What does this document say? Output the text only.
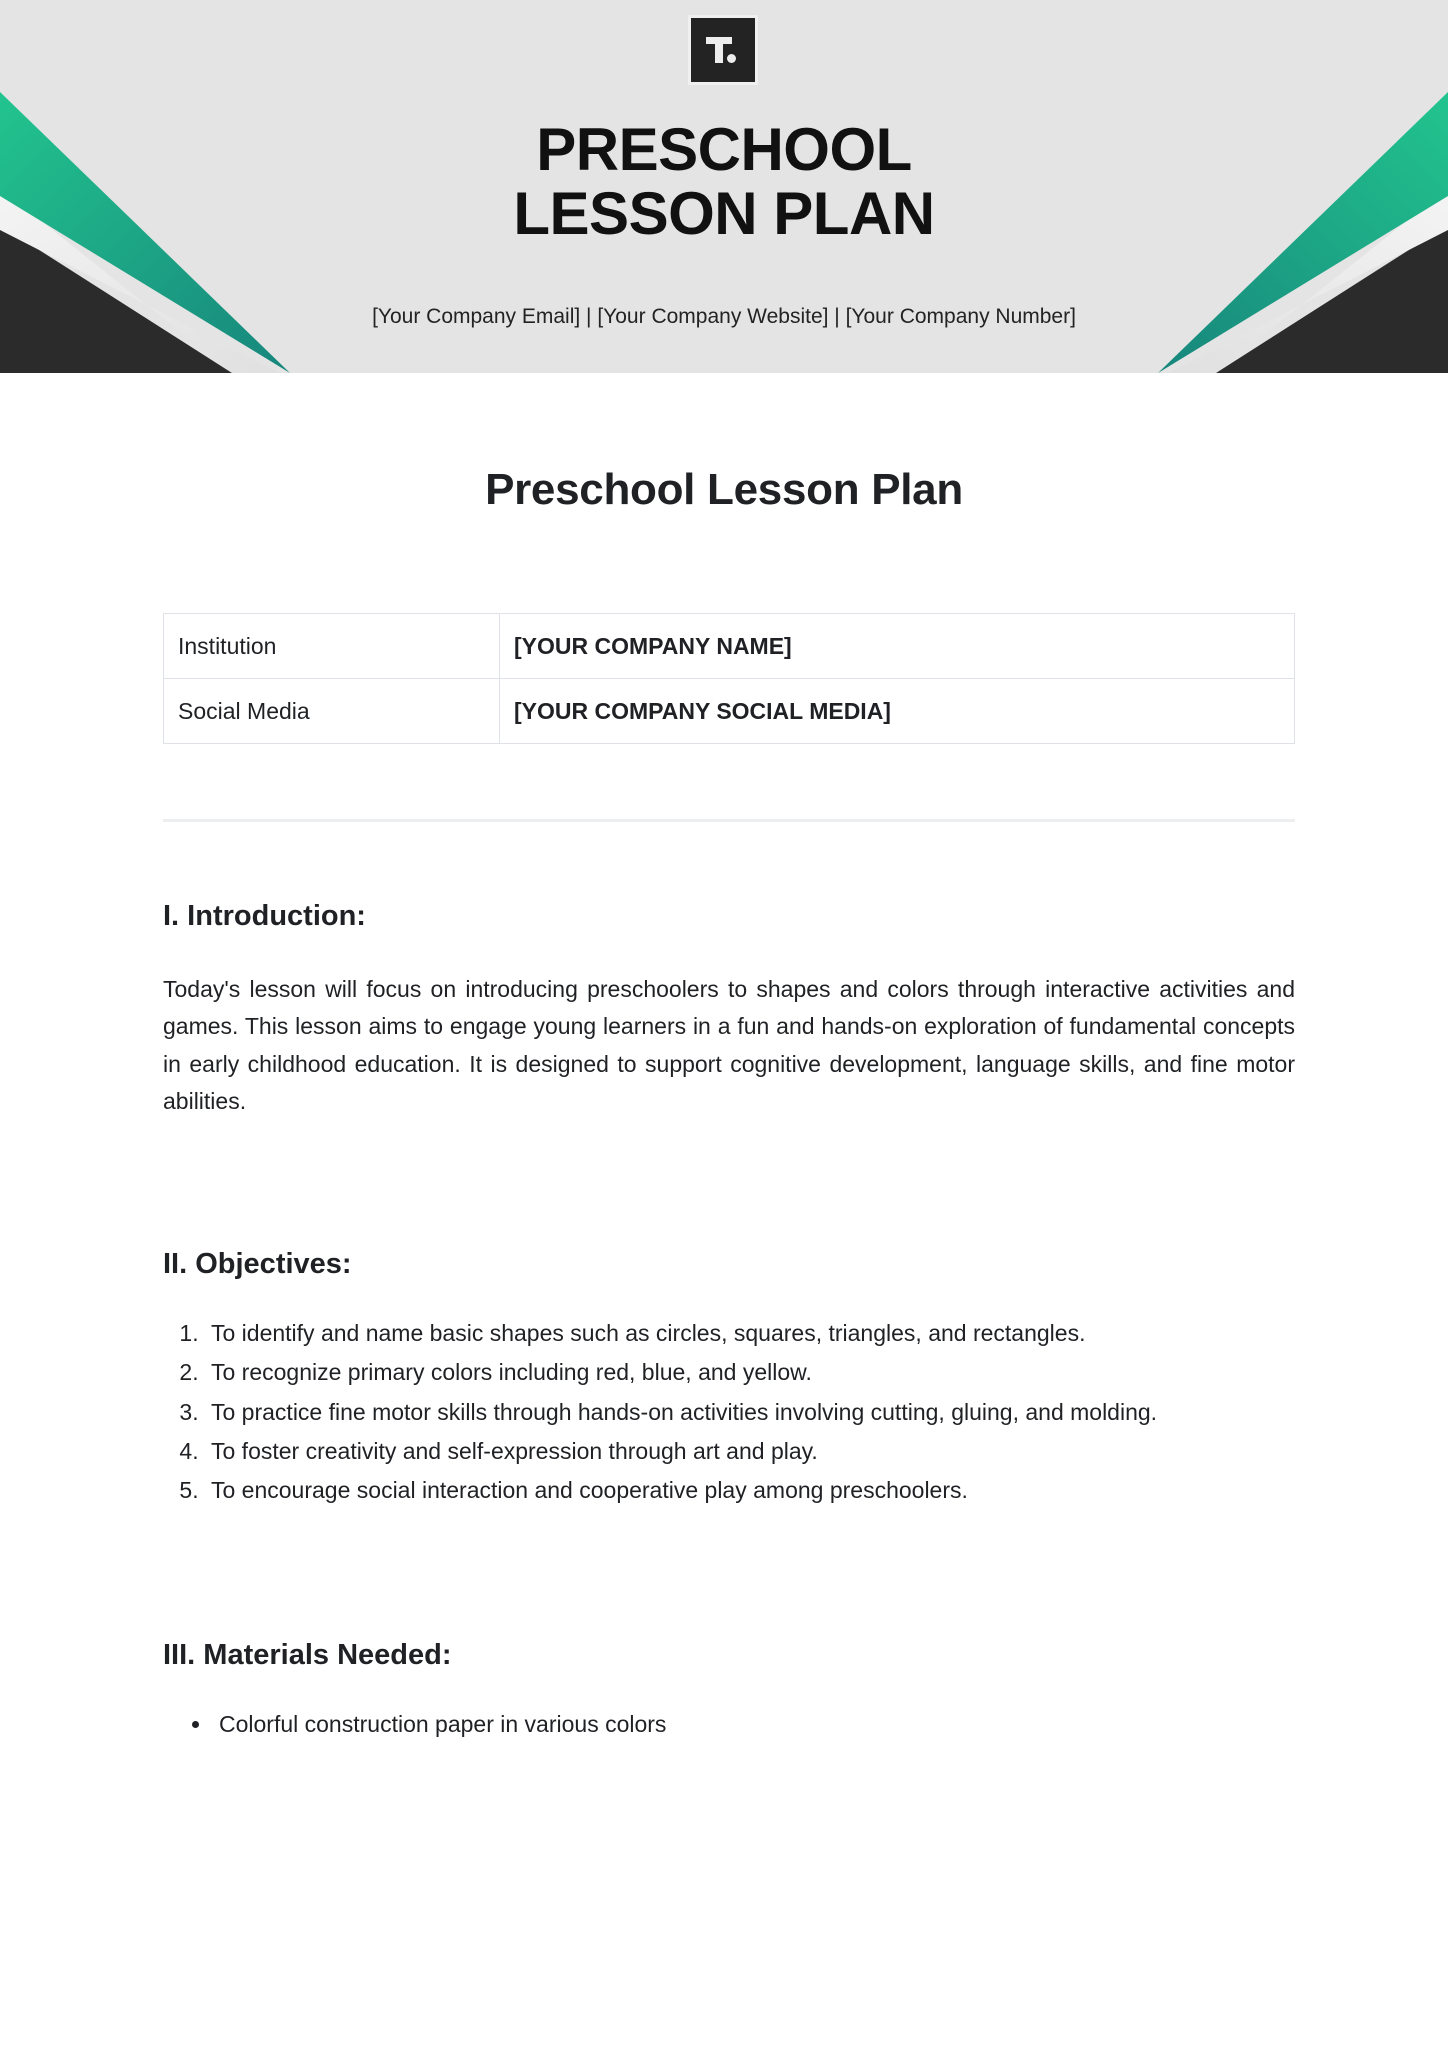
PRESCHOOL
LESSON PLAN
[Your Company Email] | [Your Company Website] | [Your Company Number]
Preschool Lesson Plan
Institution	[YOUR COMPANY NAME]
Social Media	[YOUR COMPANY SOCIAL MEDIA]
I. Introduction:

Today's lesson will focus on introducing preschoolers to shapes and colors through interactive activities and games. This lesson aims to engage young learners in a fun and hands-on exploration of fundamental concepts in early childhood education. It is designed to support cognitive development, language skills, and fine motor abilities.

II. Objectives:
1. To identify and name basic shapes such as circles, squares, triangles, and rectangles.
2. To recognize primary colors including red, blue, and yellow.
3. To practice fine motor skills through hands-on activities involving cutting, gluing, and molding.
4. To foster creativity and self-expression through art and play.
5. To encourage social interaction and cooperative play among preschoolers.
III. Materials Needed:
• Colorful construction paper in various colors
